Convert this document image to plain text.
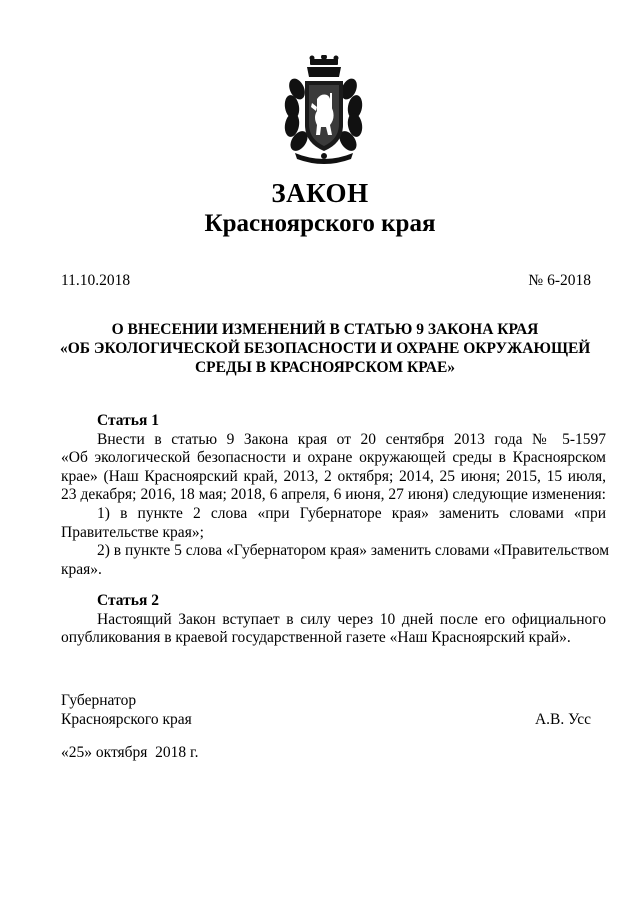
ЗАКОН
Красноярского края
11.10.2018	№ 6-2018
О ВНЕСЕНИИ ИЗМЕНЕНИЙ В СТАТЬЮ 9 ЗАКОНА КРАЯ
«ОБ ЭКОЛОГИЧЕСКОЙ БЕЗОПАСНОСТИ И ОХРАНЕ ОКРУЖАЮЩЕЙ
СРЕДЫ В КРАСНОЯРСКОМ КРАЕ»
Статья 1
Внести в статью 9 Закона края от 20 сентября 2013 года № 5-1597
«Об экологической безопасности и охране окружающей среды в Красноярском
крае» (Наш Красноярский край, 2013, 2 октября; 2014, 25 июня; 2015, 15 июля,
23 декабря; 2016, 18 мая; 2018, 6 апреля, 6 июня, 27 июня) следующие изменения:
1) в пункте 2 слова «при Губернаторе края» заменить словами «при
Правительстве края»;
2) в пункте 5 слова «Губернатором края» заменить словами «Правительством
края».
Статья 2
Настоящий Закон вступает в силу через 10 дней после его официального
опубликования в краевой государственной газете «Наш Красноярский край».
Губернатор
Красноярского края	А.В. Усс
«25» октября  2018 г.
